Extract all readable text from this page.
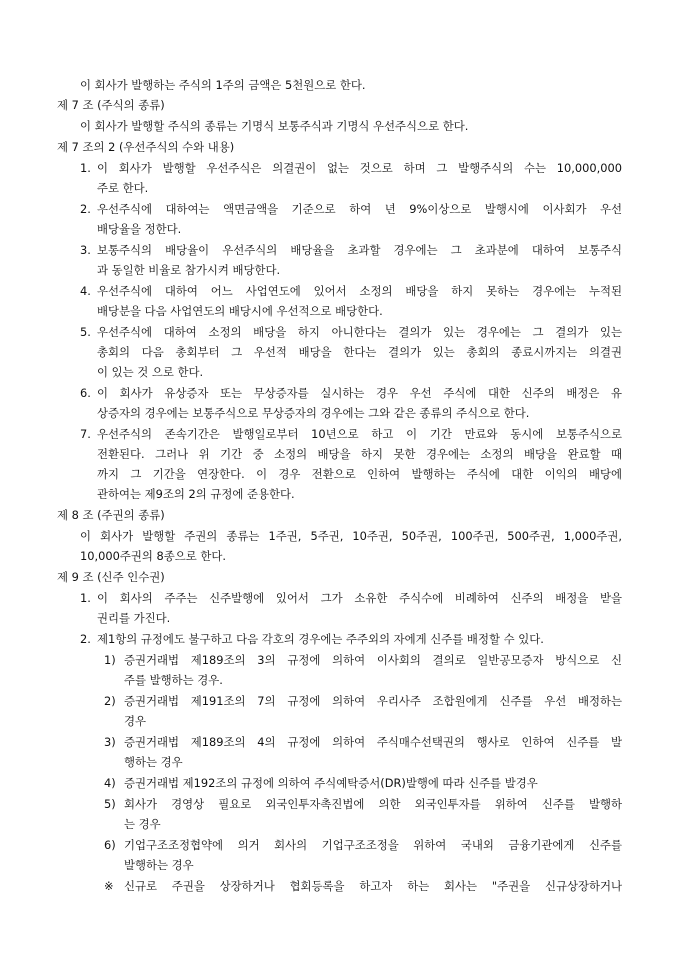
이 회사가 발행하는 주식의 1주의 금액은 5천원으로 한다.
제 7 조 (주식의 종류)
이 회사가 발행할 주식의 종류는 기명식 보통주식과 기명식 우선주식으로 한다.
제 7 조의 2 (우선주식의 수와 내용)
1. 이 회사가 발행할 우선주식은 의결권이 없는 것으로 하며 그 발행주식의 수는 10,000,000
주로 한다.
2. 우선주식에 대하여는 액면금액을 기준으로 하여 년 9%이상으로 발행시에 이사회가 우선
배당율을 정한다.
3. 보통주식의 배당율이 우선주식의 배당율을 초과할 경우에는 그 초과분에 대하여 보통주식
과 동일한 비율로 참가시켜 배당한다.
4. 우선주식에 대하여 어느 사업연도에 있어서 소정의 배당을 하지 못하는 경우에는 누적된
배당분을 다음 사업연도의 배당시에 우선적으로 배당한다.
5. 우선주식에 대하여 소정의 배당을 하지 아니한다는 결의가 있는 경우에는 그 결의가 있는
총회의 다음 총회부터 그 우선적 배당을 한다는 결의가 있는 총회의 종료시까지는 의결권
이 있는 것 으로 한다.
6. 이 회사가 유상증자 또는 무상증자를 실시하는 경우 우선 주식에 대한 신주의 배정은 유
상증자의 경우에는 보통주식으로 무상증자의 경우에는 그와 같은 종류의 주식으로 한다.
7. 우선주식의 존속기간은 발행일로부터 10년으로 하고 이 기간 만료와 동시에 보통주식으로
전환된다. 그러나 위 기간 중 소정의 배당을 하지 못한 경우에는 소정의 배당을 완료할 때
까지 그 기간을 연장한다. 이 경우 전환으로 인하여 발행하는 주식에 대한 이익의 배당에
관하여는 제9조의 2의 규정에 준용한다.
제 8 조 (주권의 종류)
이 회사가 발행할 주권의 종류는 1주권, 5주권, 10주권, 50주권, 100주권, 500주권, 1,000주권,
10,000주권의 8종으로 한다.
제 9 조 (신주 인수권)
1. 이 회사의 주주는 신주발행에 있어서 그가 소유한 주식수에 비례하여 신주의 배정을 받을
권리를 가진다.
2. 제1항의 규정에도 불구하고 다음 각호의 경우에는 주주외의 자에게 신주를 배정할 수 있다.
1) 증권거래법 제189조의 3의 규정에 의하여 이사회의 결의로 일반공모증자 방식으로 신
주를 발행하는 경우.
2) 증권거래법 제191조의 7의 규정에 의하여 우리사주 조합원에게 신주를 우선 배정하는
경우
3) 증권거래법 제189조의 4의 규정에 의하여 주식매수선택권의 행사로 인하여 신주를 발
행하는 경우
4) 증권거래법 제192조의 규정에 의하여 주식예탁증서(DR)발행에 따라 신주를 발경우
5) 회사가 경영상 필요로 외국인투자촉진법에 의한 외국인투자를 위하여 신주를 발행하
는 경우
6) 기업구조조정협약에 의거 회사의 기업구조조정을 위하여 국내외 금융기관에게 신주를
발행하는 경우
※ 신규로 주권을 상장하거나 협회등록을 하고자 하는 회사는 "주권을 신규상장하거나
